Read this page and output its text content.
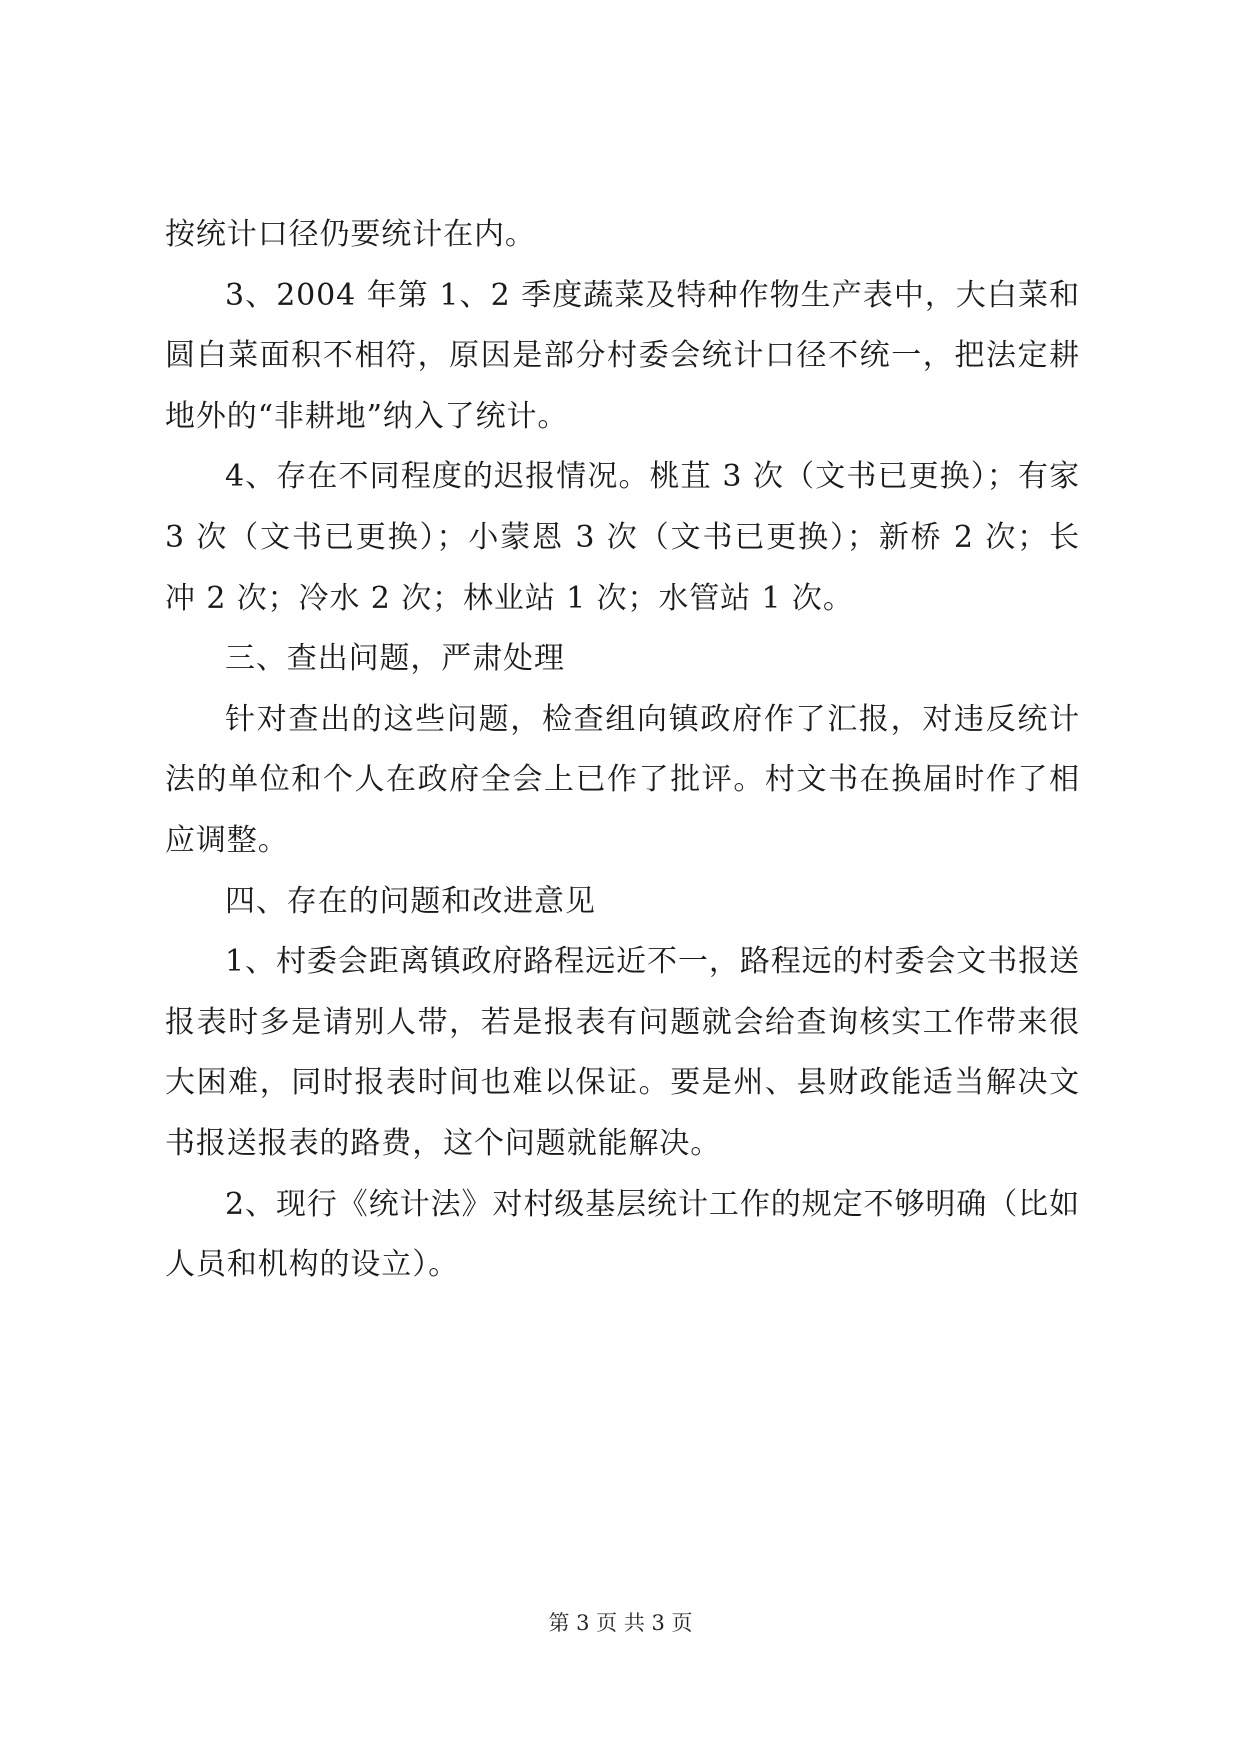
按统计口径仍要统计在内。

3、2004 年第 1、2 季度蔬菜及特种作物生产表中，大白菜和圆白菜面积不相符，原因是部分村委会统计口径不统一，把法定耕地外的“非耕地”纳入了统计。

4、存在不同程度的迟报情况。桃苴 3 次（文书已更换）；有家 3 次（文书已更换）；小蒙恩 3 次（文书已更换）；新桥 2 次；长冲 2 次；冷水 2 次；林业站 1 次；水管站 1 次。

三、查出问题，严肃处理

针对查出的这些问题，检查组向镇政府作了汇报，对违反统计法的单位和个人在政府全会上已作了批评。村文书在换届时作了相应调整。

四、存在的问题和改进意见

1、村委会距离镇政府路程远近不一，路程远的村委会文书报送报表时多是请别人带，若是报表有问题就会给查询核实工作带来很大困难，同时报表时间也难以保证。要是州、县财政能适当解决文书报送报表的路费，这个问题就能解决。

2、现行《统计法》对村级基层统计工作的规定不够明确（比如人员和机构的设立）。

第 3 页 共 3 页
